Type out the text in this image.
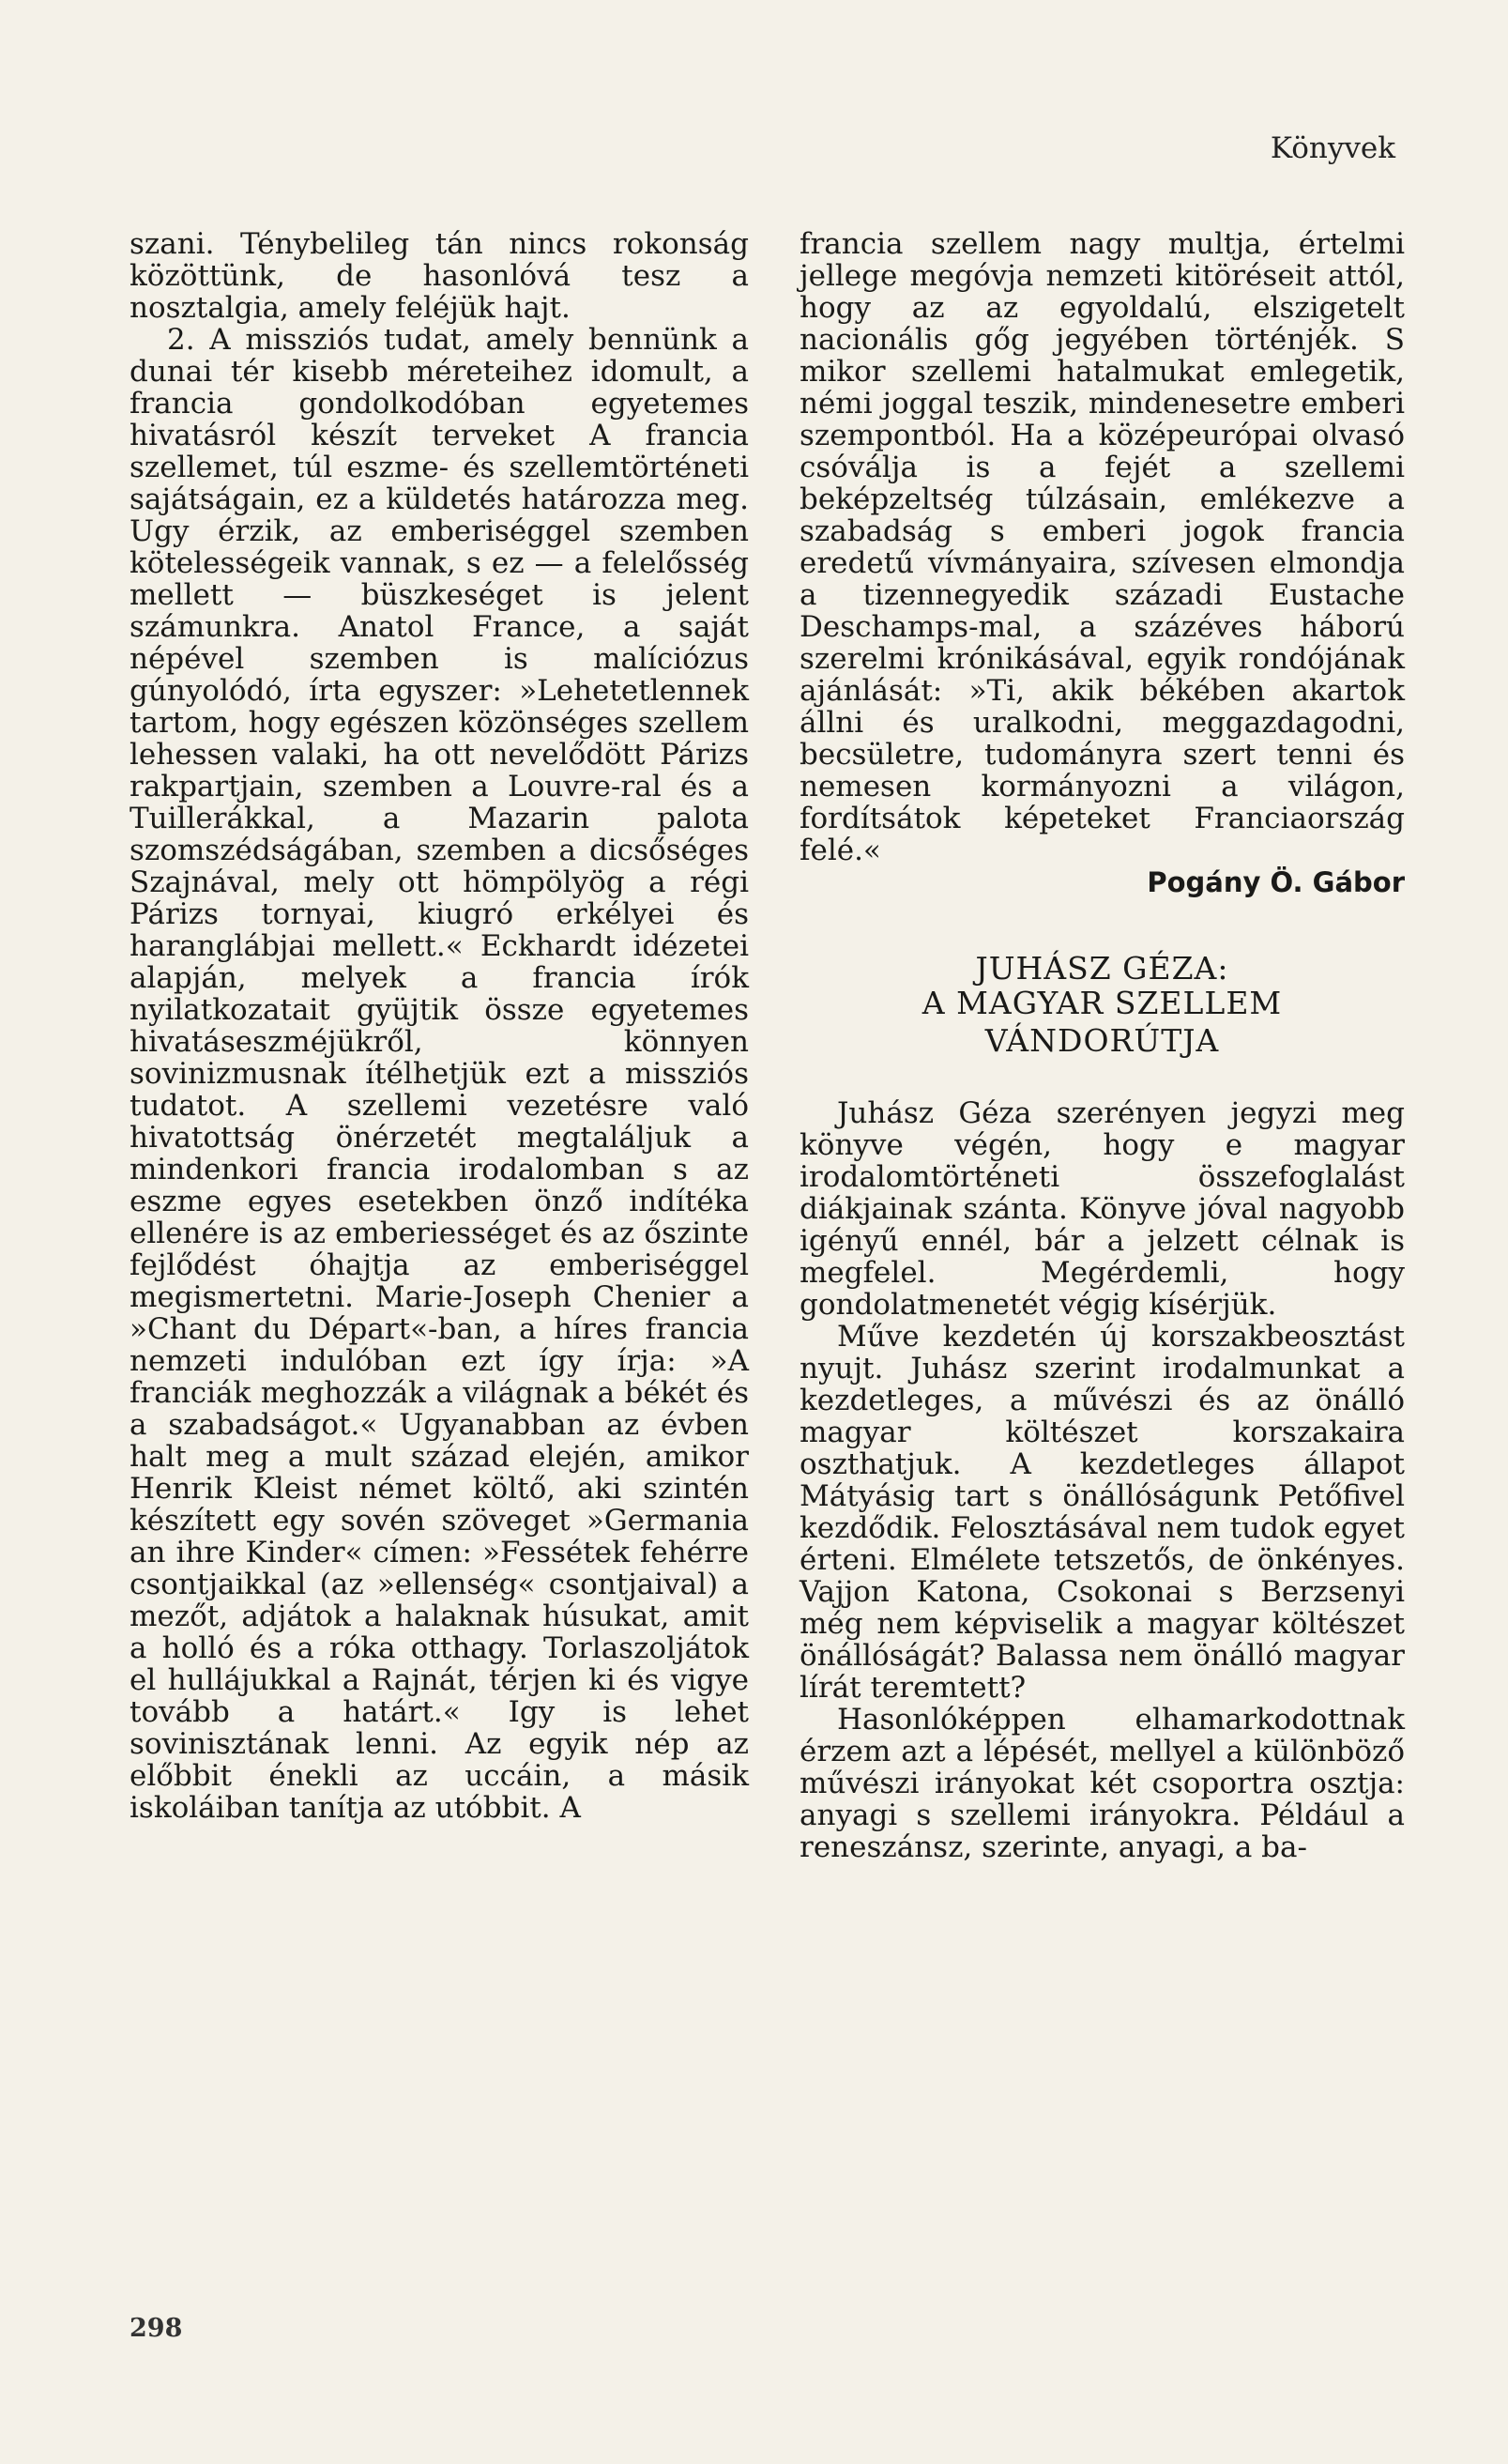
Könyvek

szani. Ténybelileg tán nincs rokonság közöttünk, de hasonlóvá tesz a nosztalgia, amely feléjük hajt.

2. A missziós tudat, amely bennünk a dunai tér kisebb méreteihez idomult, a francia gondolkodóban egyetemes hivatásról készít terveket A francia szellemet, túl eszme- és szellemtörténeti sajátságain, ez a küldetés határozza meg. Ugy érzik, az emberiséggel szemben kötelességeik vannak, s ez — a felelősség mellett — büszkeséget is jelent számunkra. Anatol France, a saját népével szemben is malíciózus gúnyolódó, írta egyszer: »Lehetetlennek tartom, hogy egészen közönséges szellem lehessen valaki, ha ott nevelődött Párizs rakpartjain, szemben a Louvre-ral és a Tuillerákkal, a Mazarin palota szomszédságában, szemben a dicsőséges Szajnával, mely ott hömpölyög a régi Párizs tornyai, kiugró erkélyei és haranglábjai mellett.« Eckhardt idézetei alapján, melyek a francia írók nyilatkozatait gyüjtik össze egyetemes hivatáseszméjükről, könnyen sovinizmusnak ítélhetjük ezt a missziós tudatot. A szellemi vezetésre való hivatottság önérzetét megtaláljuk a mindenkori francia irodalomban s az eszme egyes esetekben önző indítéka ellenére is az emberiességet és az őszinte fejlődést óhajtja az emberiséggel megismertetni. Marie-Joseph Chenier a »Chant du Départ«-ban, a híres francia nemzeti indulóban ezt így írja: »A franciák meghozzák a világnak a békét és a szabadságot.« Ugyanabban az évben halt meg a mult század elején, amikor Henrik Kleist német költő, aki szintén készített egy sovén szöveget »Germania an ihre Kinder« címen: »Fessétek fehérre csontjaikkal (az »ellenség« csontjaival) a mezőt, adjátok a halaknak húsukat, amit a holló és a róka otthagy. Torlaszoljátok el hullájukkal a Rajnát, térjen ki és vigye tovább a határt.« Igy is lehet sovinisztának lenni. Az egyik nép az előbbit énekli az uccáin, a másik iskoláiban tanítja az utóbbit. A

francia szellem nagy multja, értelmi jellege megóvja nemzeti kitöréseit attól, hogy az az egyoldalú, elszigetelt nacionális gőg jegyében történjék. S mikor szellemi hatalmukat emlegetik, némi joggal teszik, mindenesetre emberi szempontból. Ha a középeurópai olvasó csóválja is a fejét a szellemi beképzeltség túlzásain, emlékezve a szabadság s emberi jogok francia eredetű vívmányaira, szívesen elmondja a tizennegyedik századi Eustache Deschamps-mal, a százéves háború szerelmi krónikásával, egyik rondójának ajánlását: »Ti, akik békében akartok állni és uralkodni, meggazdagodni, becsületre, tudományra szert tenni és nemesen kormányozni a világon, fordítsátok képeteket Franciaország felé.«

Pogány Ö. Gábor

JUHÁSZ GÉZA:

A MAGYAR SZELLEM
VÁNDORÚTJA

Juhász Géza szerényen jegyzi meg könyve végén, hogy e magyar irodalomtörténeti összefoglalást diákjainak szánta. Könyve jóval nagyobb igényű ennél, bár a jelzett célnak is megfelel. Megérdemli, hogy gondolatmenetét végig kísérjük.

Műve kezdetén új korszakbeosztást nyujt. Juhász szerint irodalmunkat a kezdetleges, a művészi és az önálló magyar költészet korszakaira oszthatjuk. A kezdetleges állapot Mátyásig tart s önállóságunk Petőfivel kezdődik. Felosztásával nem tudok egyet érteni. Elmélete tetszetős, de önkényes. Vajjon Katona, Csokonai s Berzsenyi még nem képviselik a magyar költészet önállóságát? Balassa nem önálló magyar lírát teremtett?

Hasonlóképpen elhamarkodottnak érzem azt a lépését, mellyel a különböző művészi irányokat két csoportra osztja: anyagi s szellemi irányokra. Például a reneszánsz, szerinte, anyagi, a ba-

298
